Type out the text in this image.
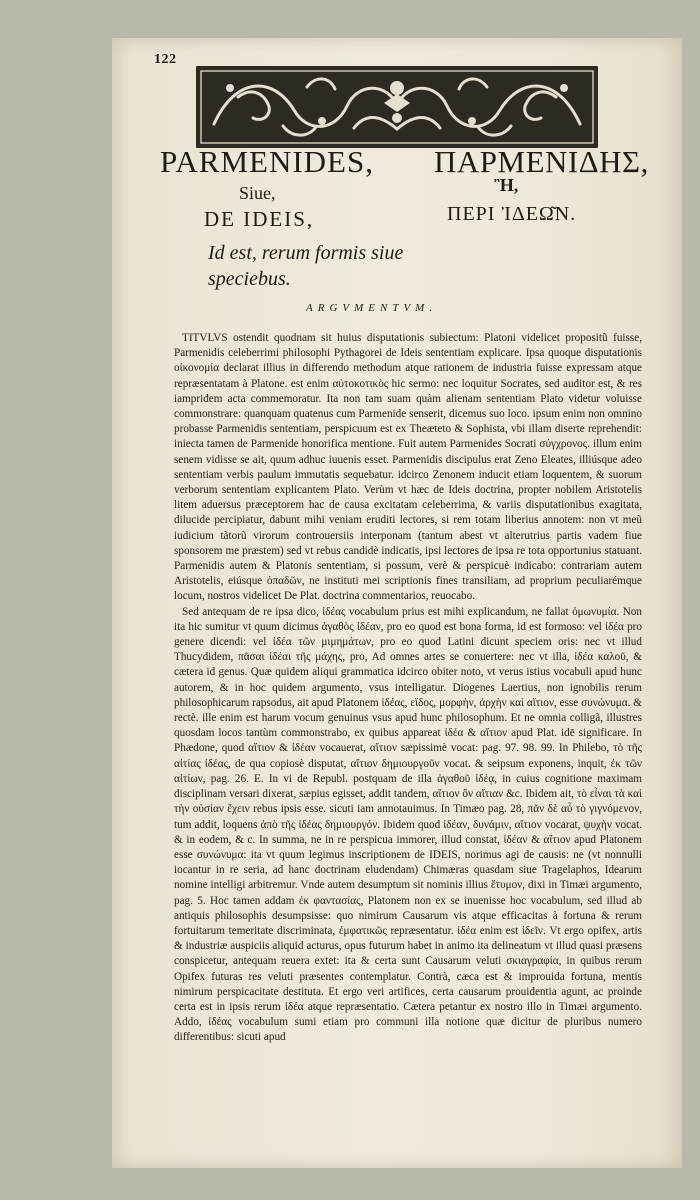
122
PARMENIDES, ΠΑΡΜΕΝΙΔΗΣ,
Siue,	Ἢ,
DE IDEIS,	ΠΕΡΙ ἸΔΕΩ͂Ν.
Id est, rerum formis siue
speciebus.
ARGVMENTVM.

TITVLVS ostendit quodnam sit huius disputationis subiectum: Platoni videlicet propositũ fuisse, Parmenidis celeberrimi philosophi Pythagorei de Ideis sententiam explicare. Ipsa quoque disputationis οἰκονομία declarat illius in differendo methodum atque rationem de industria fuisse expressam atque repræsentatam à Platone. est enim αὐτοκοτικὸς hic sermo: nec loquitur Socrates, sed auditor est, & res iampridem acta commemoratur. Ita non tam suam quàm alienam sententiam Plato videtur voluisse commonstrare: quanquam quatenus cum Parmenide senserit, dicemus suo loco. ipsum enim non omnino probasse Parmenidis sententiam, perspicuum est ex Theæteto & Sophista, vbi illam diserte reprehendit: iniecta tamen de Parmenide honorifica mentione. Fuit autem Parmenides Socrati σύγχρονος. illum enim senem vidisse se ait, quum adhuc iuuenis esset. Parmenidis discipulus erat Zeno Eleates, illiúsque adeo sententiam verbis paulum immutatis sequebatur. idcirco Zenonem inducit etiam loquentem, & suorum verborum sententiam explicantem Plato. Verùm vt hæc de Ideis doctrina, propter nobilem Aristotelis litem aduersus præceptorem hac de causa excitatam celeberrima, & variis disputationibus exagitata, dilucide percipiatur, dabunt mihi veniam eruditi lectores, si rem totam liberius annotem: non vt meũ iudicium tãtorũ virorum controuersiis interponam (tantum abest vt alterutrius partis vadem fiue sponsorem me præstem) sed vt rebus candidè indicatis, ipsi lectores de ipsa re tota opportunius statuant. Parmenidis autem & Platonis sententiam, si possum, verè & perspicuè indicabo: contrariam autem Aristotelis, eiúsque ὁπαδῶν, ne instituti mei scriptionis fines transiliam, ad proprium peculiarémque locum, nostros videlicet De Plat. doctrina commentarios, reuocabo.

Sed antequam de re ipsa dico, ἰδέας vocabulum prius est mihi explicandum, ne fallat ὁμωνυμία. Non ita hic sumitur vt quum dicimus ἀγαθὸς ἰδέαν, pro eo quod est bona forma, id est formoso: vel ἰδέα pro genere dicendi: vel ἰδέα τῶν μιμημάτων, pro eo quod Latini dicunt speciem oris: nec vt illud Thucydidem, πᾶσαι ἰδέαι τῆς μάχης, pro, Ad omnes artes se conuertere: nec vt illa, ἰδέα καλοῦ, & cætera id genus. Quæ quidem aliqui grammatica idcirco obiter noto, vt verus istius vocabuli apud hunc autorem, & in hoc quidem argumento, vsus intelligatur. Diogenes Laertius, non ignobilis rerum philosophicarum rapsodus, ait apud Platonem ἰδέας, εἴδος, μορφὴν, ἀρχὴν καὶ αἴτιον, esse συνώνυμα. & rectè. ille enim est harum vocum genuinus vsus apud hunc philosophum. Et ne omnia colligã, illustres quosdam locos tantùm commonstrabo, ex quibus appareat ἰδέα & αἴτιον apud Plat. idē significare. In Phædone, quod αἴτιον & ἰδέαν vocauerat, αἴτιον sæpissimè vocat: pag. 97. 98. 99. In Philebo, τὸ τῆς αἰτίας ἰδέας, de qua copiosè disputat, αἴτιον δημιουργοῦν vocat. & seipsum exponens, inquit, ἐκ τῶν αἰτίων, pag. 26. E. In vi de Republ. postquam de illa ἀγαθοῦ ἰδέᾳ, in cuius cognitione maximam disciplinam versari dixerat, sæpius egisset, addit tandem, αἴτιον ὂν αἴτιαν &c. Ibidem ait, τὸ εἶναι τὰ καὶ τὴν οὐσίαν ἔχειν rebus ipsis esse. sicuti iam annotauimus. In Timæo pag. 28, πᾶν δὲ αὖ τὸ γιγνόμενον, tum addit, loquens ἀπὸ τῆς ἰδέας δημιουργόν. Ibidem quod ἰδέαν, δυνάμιν, αἴτιον vocarat, ψυχὴν vocat. & in eodem, & c. In summa, ne in re perspicua immorer, illud constat, ἰδέαν & αἴτιον apud Platonem esse συνώνυμα: ita vt quum legimus inscriptionem de IDEIS, norimus agi de causis: ne (vt nonnulli iocantur in re seria, ad hanc doctrinam eludendam) Chimæras quasdam siue Tragelaphos, Idearum nomine intelligi arbitremur. Vnde autem desumptum sit nominis illius ἔτυμον, dixi in Timæi argumento, pag. 5. Hoc tamen addam ἐκ φαντασίας, Platonem non ex se inuenisse hoc vocabulum, sed illud ab antiquis philosophis desumpsisse: quo nimirum Causarum vis atque efficacitas à fortuna & rerum fortuitarum temeritate discriminata, ἐμφατικῶς repræsentatur. ἰδέα enim est ἰδεῖν. Vt ergo opifex, artis & industriæ auspiciis aliquid acturus, opus futurum habet in animo ita delineatum vt illud quasi præsens conspicetur, antequam reuera extet: ita & certa sunt Causarum veluti σκιαγραφία, in quibus rerum Opifex futuras res veluti præsentes contemplatur. Contrà, cæca est & improuida fortuna, mentis nimirum perspicacitate destituta. Et ergo veri artifices, certa causarum prouidentia agunt, ac proinde certa est in ipsis rerum ἰδέα atque repræsentatio. Cætera petantur ex nostro illo in Timæi argumento. Addo, ἰδέας vocabulum sumi etiam pro communi illa notione quæ dicitur de pluribus numero differentibus: sicuti apud
